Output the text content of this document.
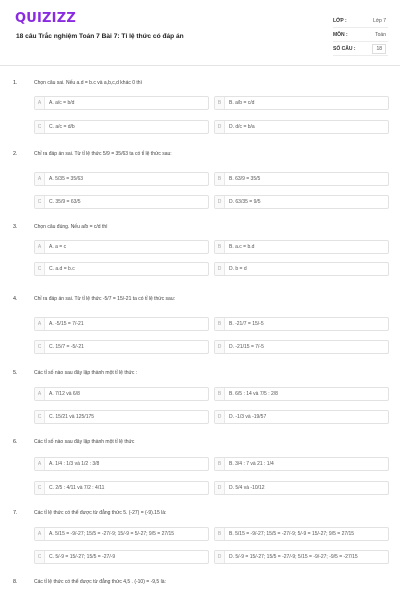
QUIZIZZ
18 câu Trắc nghiệm Toán 7 Bài 7: Tỉ lệ thức có đáp án
LỚP :	Lớp 7
MÔN :	Toán
SỐ CÂU :	18
1.	Chọn câu sai. Nếu a.d = b.c và a,b,c,d khác 0 thì
A	A. a/c = b/d	B	B. a/b = c/d
C	C. a/c = d/b	D	D. d/c = b/a
2.	Chỉ ra đáp án sai. Từ tỉ lệ thức 5/9 = 35/63 ta có tỉ lệ thức sau:
A	A. 5/35 = 35/63	B	B. 63/9 = 35/5
C	C. 35/9 = 63/5	D	D. 63/35 = 9/5
3.	Chọn câu đúng. Nếu a/b = c/d thì
A	A. a = c	B	B. a.c = b.d
C	C. a.d = b.c	D	D. b = d
4.	Chỉ ra đáp án sai. Từ tỉ lệ thức -5/7 = 15/-21 ta có tỉ lệ thức sau:
A	A. -5/15 = 7/-21	B	B. -21/7 = 15/-5
C	C. 15/7 = -5/-21	D	D. -21/15 = 7/-5
5.	Các tỉ số nào sau đây lập thành một tỉ lệ thức :
A	A. 7/12 và 6/8	B	B. 6/5 : 14 và 7/5 : 2/8
C	C. 15/21 và 125/175	D	D. -1/3 và -19/57
6.	Các tỉ số nào sau đây lập thành một tỉ lệ thức
A	A. 1/4 : 1/3 và 1/2 : 3/8	B	B. 3/4 : 7 và 21 : 1/4
C	C. 2/5 : 4/11 và 7/2 : 4/11	D	D. 5/4 và -10/12
7.	Các tỉ lệ thức có thể được từ đẳng thức 5. (-27) = (-9).15 là:
A	A. 5/15 = -9/-27; 15/5 = -27/-9; 15/-9 = 5/-27; 9/5 = 27/15	B	B. 5/15 = -9/-27; 15/5 = -27/-9; 5/-9 = 15/-27; 9/5 = 27/15
C	C. 5/-9 = 15/-27; 15/5 = -27/-9	D	D. 5/-9 = 15/-27; 15/5 = -27/-9; 5/15 = -9/-27; -9/5 = -27/15
8.	Các tỉ lệ thức có thể được từ đẳng thức 4,5 . (-10) = -9,5 là:
